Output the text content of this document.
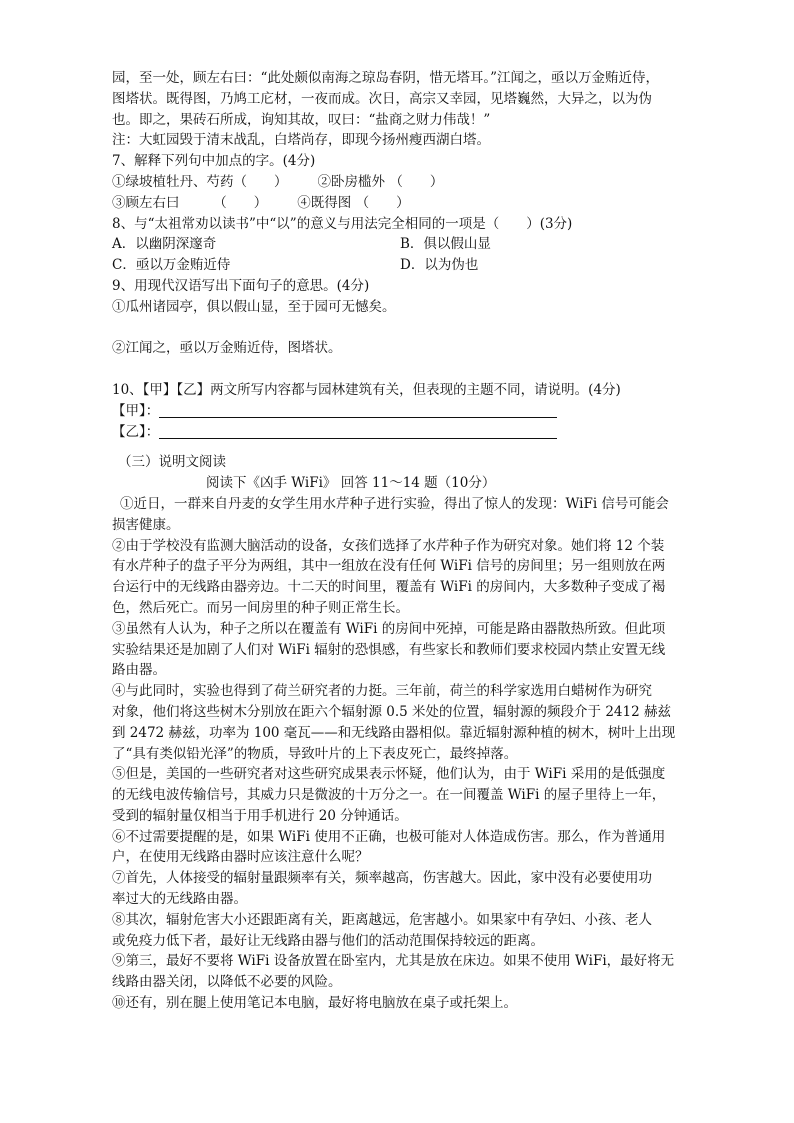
园，至一处，顾左右曰：“此处颇似南海之琼岛春阴，惜无塔耳。”江闻之，亟以万金贿近侍，
图塔状。既得图，乃鸠工庀材，一夜而成。次日，高宗又幸园，见塔巍然，大异之，以为伪
也。即之，果砖石所成，询知其故，叹曰：“盐商之财力伟哉！”
注：大虹园毁于清末战乱，白塔尚存，即现今扬州瘦西湖白塔。
7、解释下列句中加点的字。(4分)
①绿坡植牡丹、芍药（　　） ②卧房槛外 （　　）
③顾左右曰　　　（　　） ④既得图 （　　）
8、与“太祖常劝以读书”中“以”的意义与用法完全相同的一项是（　　）(3分)
A．以幽阴深邃奇	B．俱以假山显
C．亟以万金贿近侍	D．以为伪也
9、用现代汉语写出下面句子的意思。(4分)
①瓜州诸园亭，俱以假山显，至于园可无憾矣。
②江闻之，亟以万金贿近侍，图塔状。
10、【甲】【乙】两文所写内容都与园林建筑有关，但表现的主题不同，请说明。(4分)
【甲】：
【乙】：
（三）说明文阅读
阅读下《凶手 WiFi》 回答 11～14 题（10分）
①近日，一群来自丹麦的女学生用水芹种子进行实验，得出了惊人的发现：WiFi 信号可能会
损害健康。
②由于学校没有监测大脑活动的设备，女孩们选择了水芹种子作为研究对象。她们将 12 个装
有水芹种子的盘子平分为两组，其中一组放在没有任何 WiFi 信号的房间里；另一组则放在两
台运行中的无线路由器旁边。十二天的时间里，覆盖有 WiFi 的房间内，大多数种子变成了褐
色，然后死亡。而另一间房里的种子则正常生长。
③虽然有人认为，种子之所以在覆盖有 WiFi 的房间中死掉，可能是路由器散热所致。但此项
实验结果还是加剧了人们对 WiFi 辐射的恐惧感，有些家长和教师们要求校园内禁止安置无线
路由器。
④与此同时，实验也得到了荷兰研究者的力挺。三年前，荷兰的科学家选用白蜡树作为研究
对象，他们将这些树木分别放在距六个辐射源 0.5 米处的位置，辐射源的频段介于 2412 赫兹
到 2472 赫兹，功率为 100 毫瓦——和无线路由器相似。靠近辐射源种植的树木，树叶上出现
了“具有类似铅光泽”的物质，导致叶片的上下表皮死亡，最终掉落。
⑤但是，美国的一些研究者对这些研究成果表示怀疑，他们认为，由于 WiFi 采用的是低强度
的无线电波传输信号，其威力只是微波的十万分之一。在一间覆盖 WiFi 的屋子里待上一年，
受到的辐射量仅相当于用手机进行 20 分钟通话。
⑥不过需要提醒的是，如果 WiFi 使用不正确，也极可能对人体造成伤害。那么，作为普通用
户，在使用无线路由器时应该注意什么呢？
⑦首先，人体接受的辐射量跟频率有关，频率越高，伤害越大。因此，家中没有必要使用功
率过大的无线路由器。
⑧其次，辐射危害大小还跟距离有关，距离越远，危害越小。如果家中有孕妇、小孩、老人
或免疫力低下者，最好让无线路由器与他们的活动范围保持较远的距离。
⑨第三，最好不要将 WiFi 设备放置在卧室内，尤其是放在床边。如果不使用 WiFi，最好将无
线路由器关闭，以降低不必要的风险。
⑩还有，别在腿上使用笔记本电脑，最好将电脑放在桌子或托架上。
